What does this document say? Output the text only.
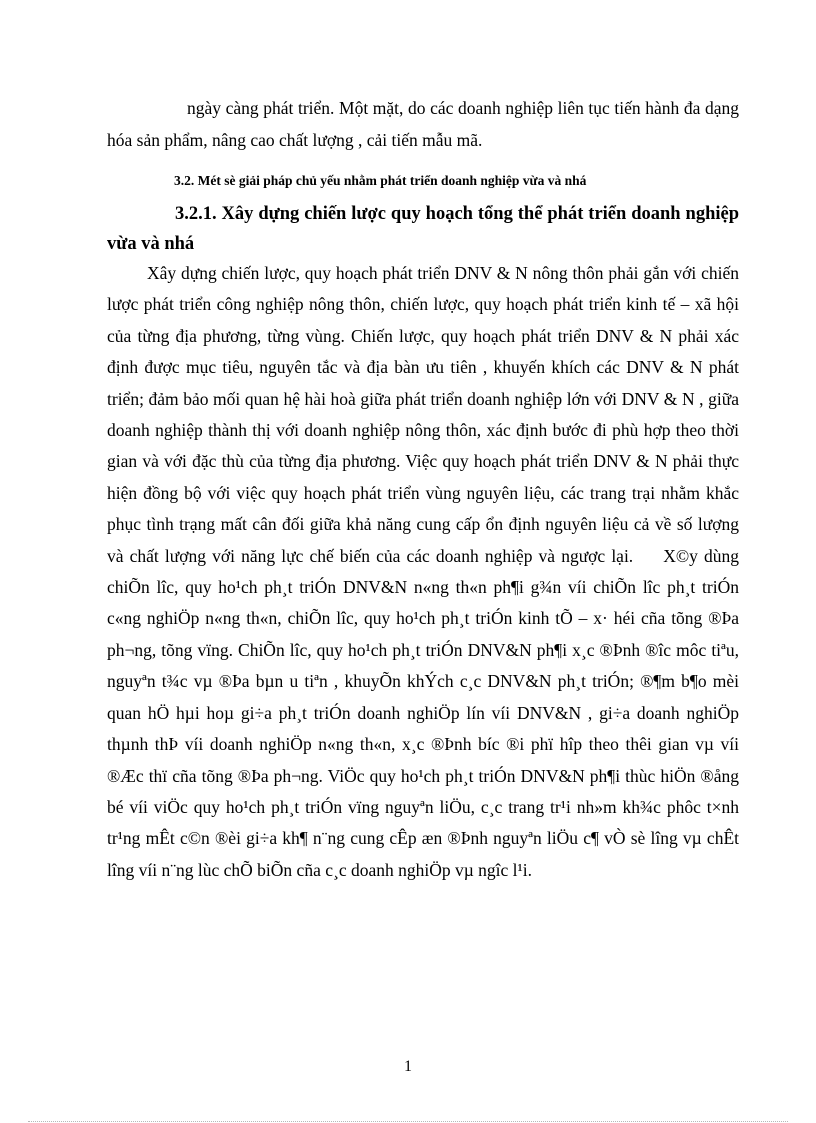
ngày càng phát triển. Một mặt, do các doanh nghiệp liên tục tiến hành đa dạng hóa sản phẩm, nâng cao chất lượng , cải tiến mẫu mã.

3.2. Mét sè giải pháp chủ yếu nhằm phát triển doanh nghiệp vừa và nhá
3.2.1. Xây dựng chiến lược quy hoạch tổng thể phát triển doanh nghiệp vừa và nhá

Xây dựng chiến lược, quy hoạch phát triển DNV & N nông thôn phải gắn với chiến lược phát triển công nghiệp nông thôn, chiến lược, quy hoạch phát triển kinh tế – xã hội của từng địa phương, từng vùng. Chiến lược, quy hoạch phát triển DNV & N phải xác định được mục tiêu, nguyên tắc và địa bàn ưu tiên , khuyến khích các DNV & N phát triển; đảm bảo mối quan hệ hài hoà giữa phát triển doanh nghiệp lớn với DNV & N , giữa doanh nghiệp thành thị với doanh nghiệp nông thôn, xác định bước đi phù hợp theo thời gian và với đặc thù của từng địa phương. Việc quy hoạch phát triển DNV & N phải thực hiện đồng bộ với việc quy hoạch phát triển vùng nguyên liệu, các trang trại nhằm khắc phục tình trạng mất cân đối giữa khả năng cung cấp ổn định nguyên liệu cả về số lượng và chất lượng với năng lực chế biến của các doanh nghiệp và ngược lại. X©y dùng chiÕn lîc, quy ho¹ch ph¸t triÓn DNV&N n«ng th«n ph¶i g¾n víi chiÕn lîc ph¸t triÓn c«ng nghiÖp n«ng th«n, chiÕn lîc, quy ho¹ch ph¸t triÓn kinh tÕ – x· héi cña tõng ®Þa ph¬ng, tõng vïng. ChiÕn lîc, quy ho¹ch ph¸t triÓn DNV&N ph¶i x¸c ®Þnh ®îc môc tiªu, nguyªn t¾c vµ ®Þa bµn u tiªn , khuyÕn khÝch c¸c DNV&N ph¸t triÓn; ®¶m b¶o mèi quan hÖ hµi hoµ gi÷a ph¸t triÓn doanh nghiÖp lín víi DNV&N , gi÷a doanh nghiÖp thµnh thÞ víi doanh nghiÖp n«ng th«n, x¸c ®Þnh bíc ®i phï hîp theo thêi gian vµ víi ®Æc thï cña tõng ®Þa ph¬ng. ViÖc quy ho¹ch ph¸t triÓn DNV&N ph¶i thùc hiÖn ®ång bé víi viÖc quy ho¹ch ph¸t triÓn vïng nguyªn liÖu, c¸c trang tr¹i nh»m kh¾c phôc t×nh tr¹ng mÊt c©n ®èi gi÷a kh¶ n¨ng cung cÊp æn ®Þnh nguyªn liÖu c¶ vÒ sè lîng vµ chÊt lîng víi n¨ng lùc chÕ biÕn cña c¸c doanh nghiÖp vµ ngîc l¹i.

1
